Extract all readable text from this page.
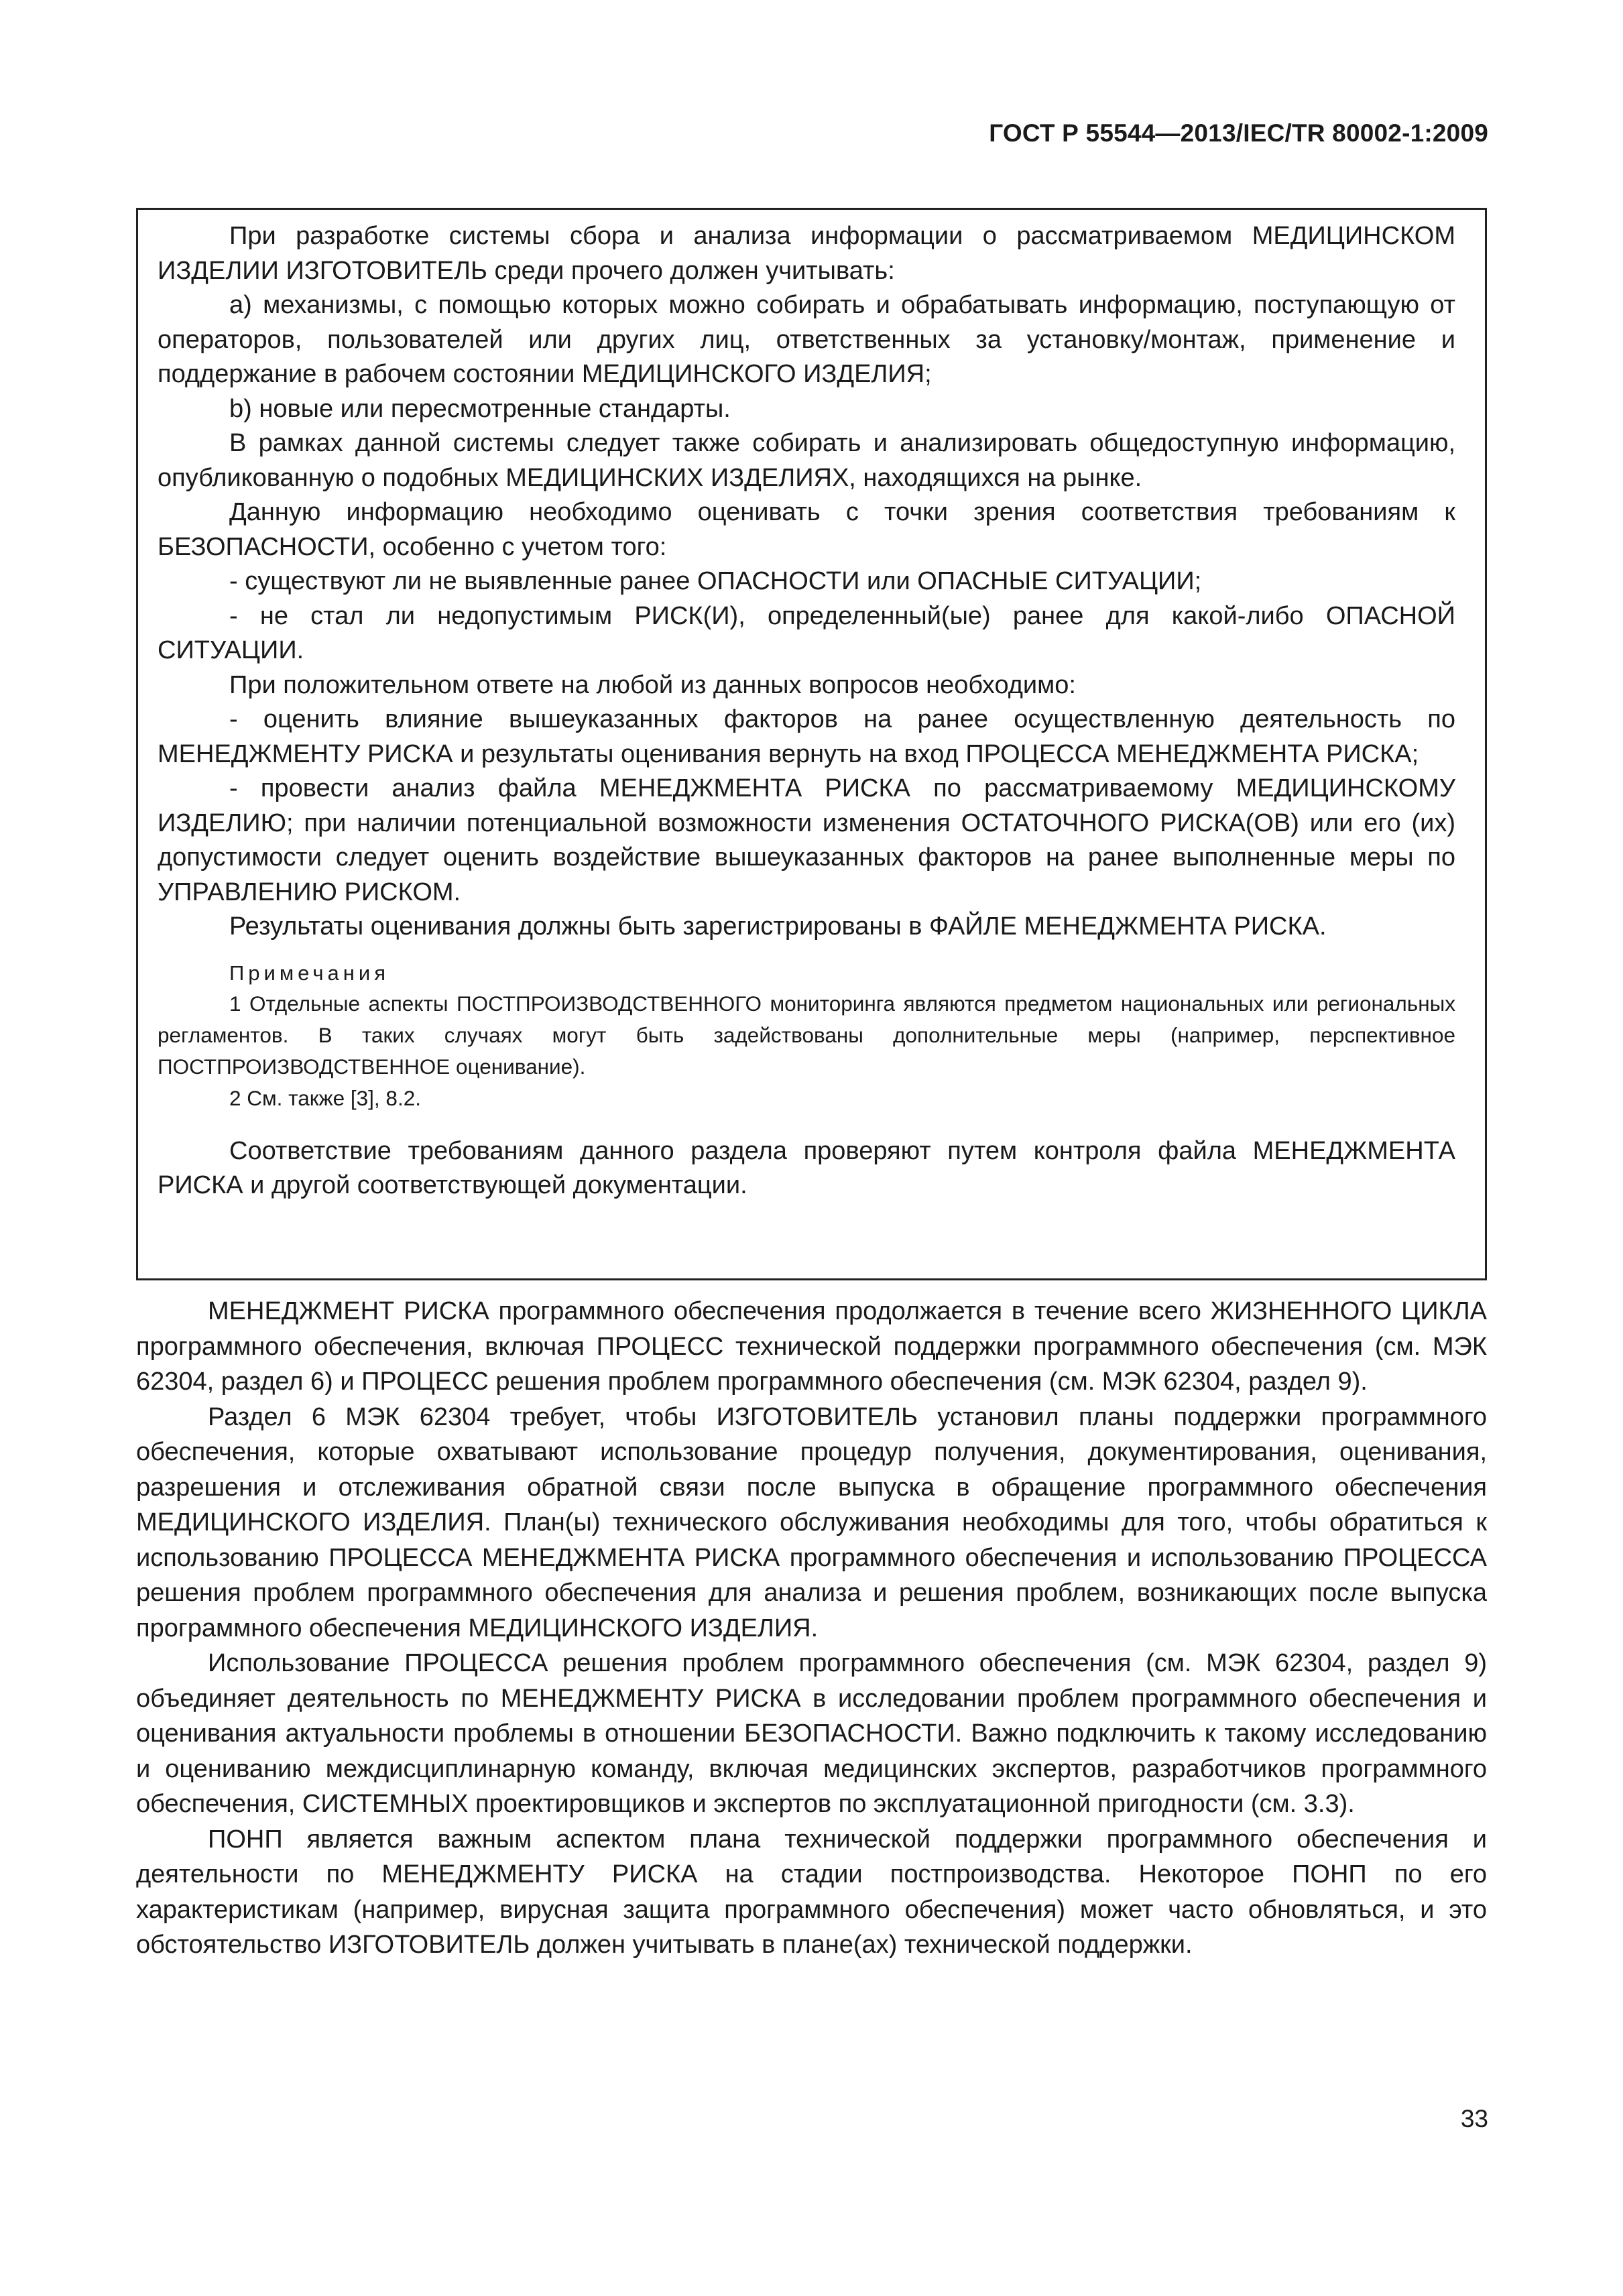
ГОСТ Р 55544—2013/IEC/TR 80002-1:2009

При разработке системы сбора и анализа информации о рассматриваемом МЕДИЦИНСКОМ ИЗДЕЛИИ ИЗГОТОВИТЕЛЬ среди прочего должен учитывать:

а) механизмы, с помощью которых можно собирать и обрабатывать информацию, поступающую от операторов, пользователей или других лиц, ответственных за установку/монтаж, применение и поддержание в рабочем состоянии МЕДИЦИНСКОГО ИЗДЕЛИЯ;

b) новые или пересмотренные стандарты.

В рамках данной системы следует также собирать и анализировать общедоступную информацию, опубликованную о подобных МЕДИЦИНСКИХ ИЗДЕЛИЯХ, находящихся на рынке.

Данную информацию необходимо оценивать с точки зрения соответствия требованиям к БЕЗОПАСНОСТИ, особенно с учетом того:

- существуют ли не выявленные ранее ОПАСНОСТИ или ОПАСНЫЕ СИТУАЦИИ;

- не стал ли недопустимым РИСК(И), определенный(ые) ранее для какой-либо ОПАСНОЙ СИТУАЦИИ.

При положительном ответе на любой из данных вопросов необходимо:

- оценить влияние вышеуказанных факторов на ранее осуществленную деятельность по МЕНЕДЖМЕНТУ РИСКА и результаты оценивания вернуть на вход ПРОЦЕССА МЕНЕДЖМЕНТА РИСКА;

- провести анализ файла МЕНЕДЖМЕНТА РИСКА по рассматриваемому МЕДИЦИНСКОМУ ИЗДЕЛИЮ; при наличии потенциальной возможности изменения ОСТАТОЧНОГО РИСКА(ОВ) или его (их) допустимости следует оценить воздействие вышеуказанных факторов на ранее выполненные меры по УПРАВЛЕНИЮ РИСКОМ.

Результаты оценивания должны быть зарегистрированы в ФАЙЛЕ МЕНЕДЖМЕНТА РИСКА.

Примечания

1 Отдельные аспекты ПОСТПРОИЗВОДСТВЕННОГО мониторинга являются предметом национальных или региональных регламентов. В таких случаях могут быть задействованы дополнительные меры (например, перспективное ПОСТПРОИЗВОДСТВЕННОЕ оценивание).

2 См. также [3], 8.2.

Соответствие требованиям данного раздела проверяют путем контроля файла МЕНЕДЖМЕНТА РИСКА и другой соответствующей документации.

МЕНЕДЖМЕНТ РИСКА программного обеспечения продолжается в течение всего ЖИЗНЕННОГО ЦИКЛА программного обеспечения, включая ПРОЦЕСС технической поддержки программного обеспечения (см. МЭК 62304, раздел 6) и ПРОЦЕСС решения проблем программного обеспечения (см. МЭК 62304, раздел 9).

Раздел 6 МЭК 62304 требует, чтобы ИЗГОТОВИТЕЛЬ установил планы поддержки программного обеспечения, которые охватывают использование процедур получения, документирования, оценивания, разрешения и отслеживания обратной связи после выпуска в обращение программного обеспечения МЕДИЦИНСКОГО ИЗДЕЛИЯ. План(ы) технического обслуживания необходимы для того, чтобы обратиться к использованию ПРОЦЕССА МЕНЕДЖМЕНТА РИСКА программного обеспечения и использованию ПРОЦЕССА решения проблем программного обеспечения для анализа и решения проблем, возникающих после выпуска программного обеспечения МЕДИЦИНСКОГО ИЗДЕЛИЯ.

Использование ПРОЦЕССА решения проблем программного обеспечения (см. МЭК 62304, раздел 9) объединяет деятельность по МЕНЕДЖМЕНТУ РИСКА в исследовании проблем программного обеспечения и оценивания актуальности проблемы в отношении БЕЗОПАСНОСТИ. Важно подключить к такому исследованию и оцениванию междисциплинарную команду, включая медицинских экспертов, разработчиков программного обеспечения, СИСТЕМНЫХ проектировщиков и экспертов по эксплуатационной пригодности (см. 3.3).

ПОНП является важным аспектом плана технической поддержки программного обеспечения и деятельности по МЕНЕДЖМЕНТУ РИСКА на стадии постпроизводства. Некоторое ПОНП по его характеристикам (например, вирусная защита программного обеспечения) может часто обновляться, и это обстоятельство ИЗГОТОВИТЕЛЬ должен учитывать в плане(ах) технической поддержки.

33
